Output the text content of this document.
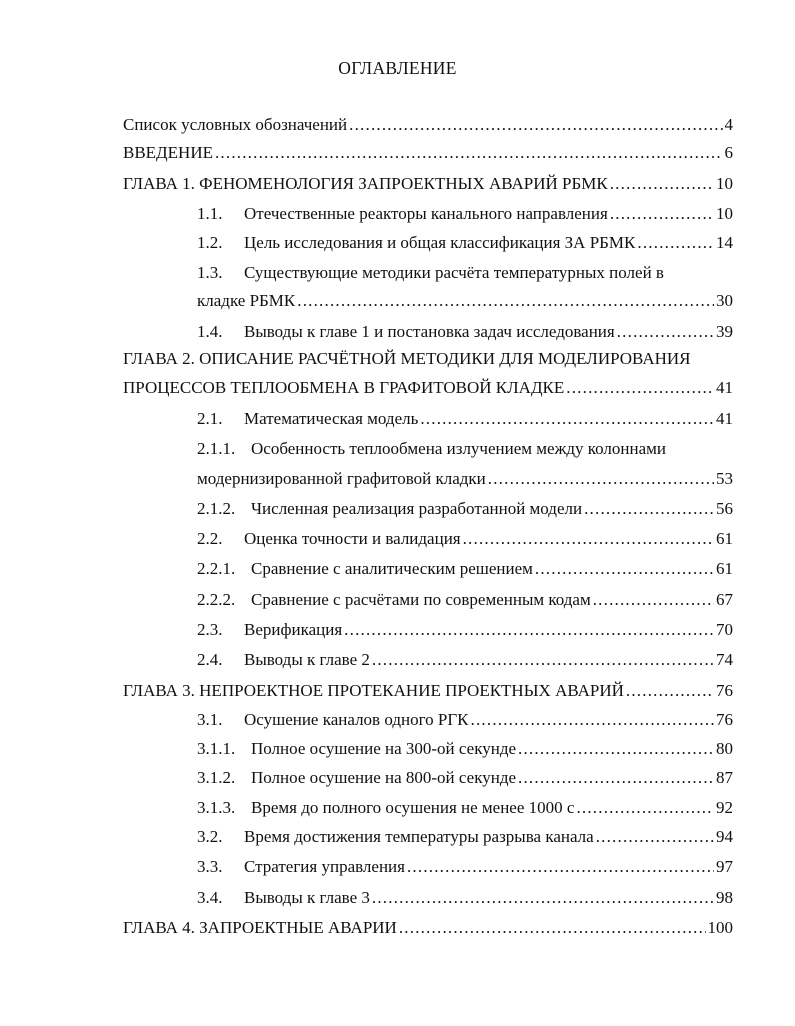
ОГЛАВЛЕНИЕ
Список условных обозначений .....	4
ВВЕДЕНИЕ .....	6
ГЛАВА 1. ФЕНОМЕНОЛОГИЯ ЗАПРОЕКТНЫХ АВАРИЙ РБМК .....	10
1.1.	Отечественные реакторы канального направления .....	10
1.2.	Цель исследования и общая классификация ЗА РБМК .....	14
1.3.	Существующие методики расчёта температурных полей в
кладке РБМК .....	30
1.4.	Выводы к главе 1 и постановка задач исследования .....	39
ГЛАВА 2. ОПИСАНИЕ РАСЧЁТНОЙ МЕТОДИКИ ДЛЯ МОДЕЛИРОВАНИЯ
ПРОЦЕССОВ ТЕПЛООБМЕНА В ГРАФИТОВОЙ КЛАДКЕ .....	41
2.1.	Математическая модель .....	41
2.1.1. Особенность теплообмена излучением между колоннами
модернизированной графитовой кладки .....	53
2.1.2. Численная реализация разработанной модели .....	56
2.2.	Оценка точности и валидация .....	61
2.2.1. Сравнение с аналитическим решением .....	61
2.2.2. Сравнение с расчётами по современным кодам .....	67
2.3.	Верификация .....	70
2.4.	Выводы к главе 2 .....	74
ГЛАВА 3. НЕПРОЕКТНОЕ ПРОТЕКАНИЕ ПРОЕКТНЫХ АВАРИЙ .....	76
3.1.	Осушение каналов одного РГК .....	76
3.1.1. Полное осушение на 300-ой секунде .....	80
3.1.2. Полное осушение на 800-ой секунде .....	87
3.1.3. Время до полного осушения не менее 1000 с .....	92
3.2.	Время достижения температуры разрыва канала .....	94
3.3.	Стратегия управления .....	97
3.4.	Выводы к главе 3 .....	98
ГЛАВА 4. ЗАПРОЕКТНЫЕ АВАРИИ .....	100
